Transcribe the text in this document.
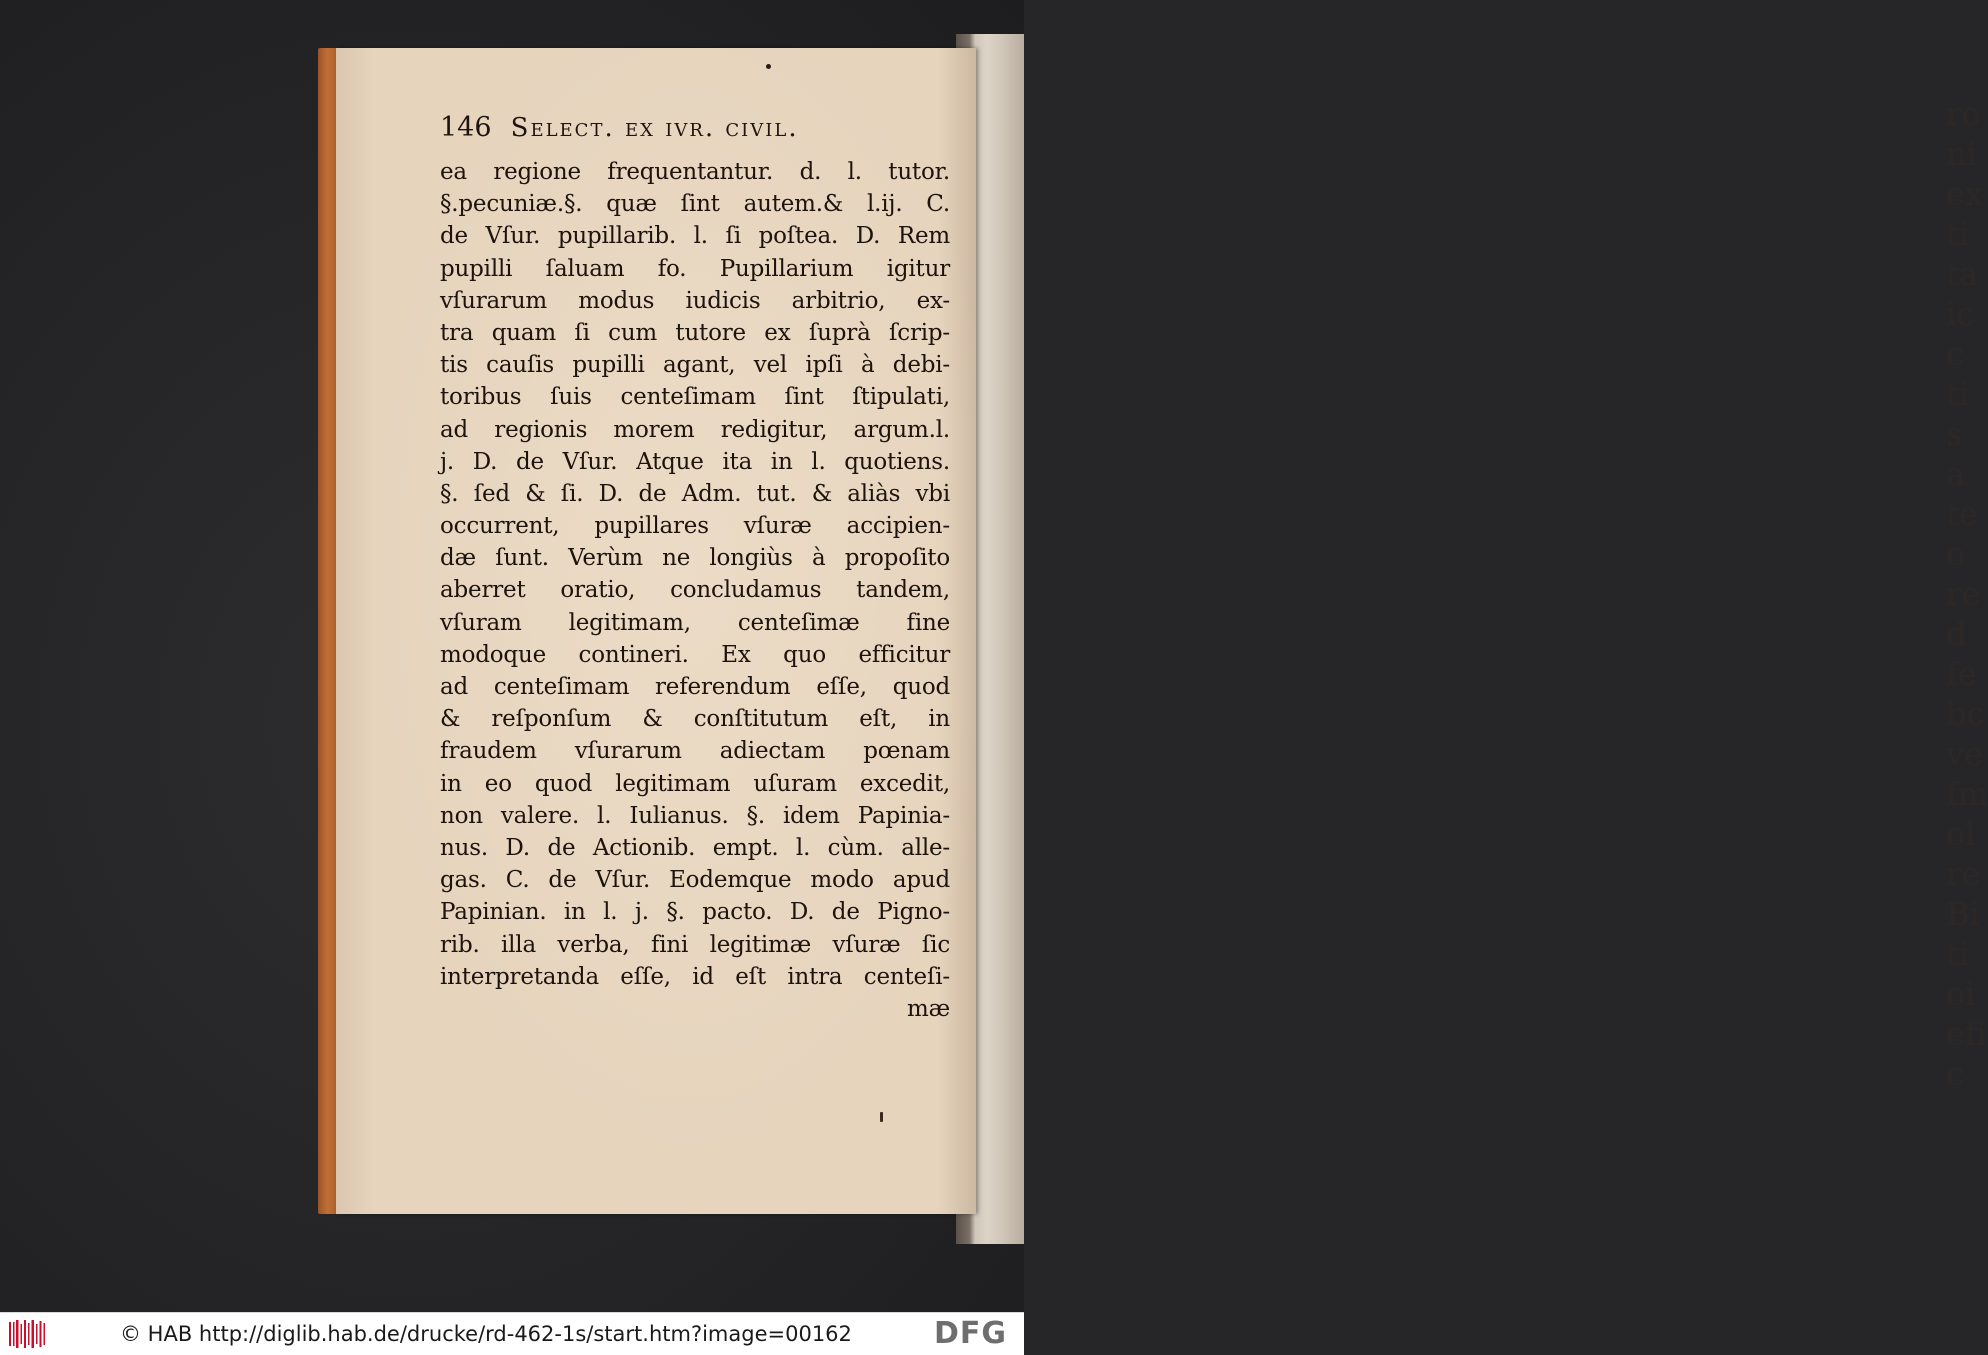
ro
ni
ex
ti
ta
ic
c
ti
s
a
te
o
re
d
fe
bc
ve
fm
ol
re
Bi
ti
oi
efi
c
146 Select. ex ivr. civil.
ea regione frequentantur. d. l. tutor.
§.pecuniæ.§. quæ ſint autem.& l.ij. C.
de Vſur. pupillarib. l. ſi poſtea. D. Rem
pupilli ſaluam fo. Pupillarium igitur
vſurarum modus iudicis arbitrio, ex-
tra quam ſi cum tutore ex ſuprà ſcrip-
tis cauſis pupilli agant, vel ipſi à debi-
toribus ſuis centeſimam ſint ſtipulati,
ad regionis morem redigitur, argum.l.
j. D. de Vſur. Atque ita in l. quotiens.
§. ſed & ſi. D. de Adm. tut. & aliàs vbi
occurrent, pupillares vſuræ accipien-
dæ ſunt. Verùm ne longiùs à propoſito
aberret oratio, concludamus tandem,
vſuram legitimam, centeſimæ fine
modoque contineri. Ex quo efficitur
ad centeſimam referendum eſſe, quod
& reſponſum & conſtitutum eſt, in
fraudem vſurarum adiectam pœnam
in eo quod legitimam uſuram excedit,
non valere. l. Iulianus. §. idem Papinia-
nus. D. de Actionib. empt. l. cùm. alle-
gas. C. de Vſur. Eodemque modo apud
Papinian. in l. j. §. pacto. D. de Pigno-
rib. illa verba, fini legitimæ vſuræ ſic
interpretanda eſſe, id eſt intra centeſi-
mæ
© HAB http://diglib.hab.de/drucke/rd-462-1s/start.htm?image=00162	DFG
